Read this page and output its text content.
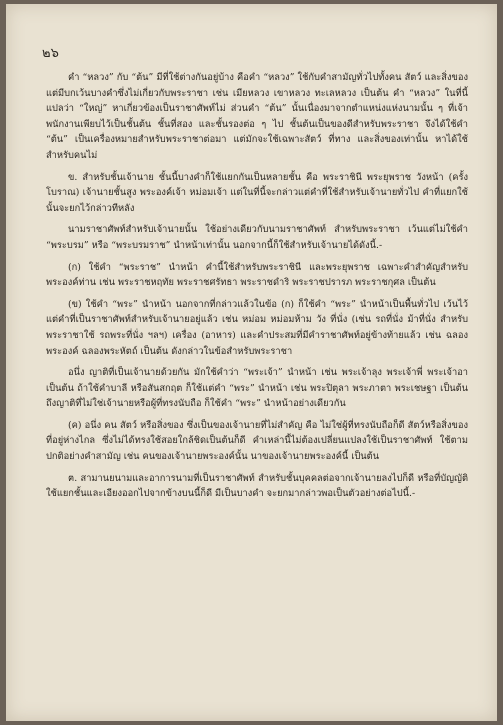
๒๖

คำ “หลวง” กับ “ต้น” มีที่ใช้ต่างกันอยู่บ้าง คือคำ “หลวง” ใช้กับคำสามัญทั่วไปทั้งคน สัตว์ และสิ่งของ แต่มีบกเว้นบางคำซึ่งไม่เกี่ยวกับพระราชา เช่น เมียหลวง เขาหลวง ทะเลหลวง เป็นต้น คำ “หลวง” ในที่นี้แปลว่า “ใหญ่” หาเกี่ยวข้องเป็นราชาศัพท์ไม่ ส่วนคำ “ต้น” นั้นเนื่องมาจากตำแหน่งแห่งนามนั้น ๆ ที่เจ้าพนักงานเพียบไว้เป็นชั้นต้น ชั้นที่สอง และชั้นรองต่อ ๆ ไป ชั้นต้นเป็นของดีสำหรับพระราชา จึงได้ใช้คำ “ต้น” เป็นเครื่องหมายสำหรับพระราชาต่อมา แต่มักจะใช้เฉพาะสัตว์ ที่ทาง และสิ่งของเท่านั้น หาได้ใช้สำหรับคนไม่

ข. สำหรับชั้นเจ้านาย ชั้นนี้บางคำก็ใช้แยกกันเป็นหลายชั้น คือ พระราชินี พระยุพราช วังหน้า (ครั้งโบราณ) เจ้านายชั้นสูง พระองค์เจ้า หม่อมเจ้า แต่ในที่นี้จะกล่าวแต่คำที่ใช้สำหรับเจ้านายทั่วไป คำที่แยกใช้นั้นจะยกไว้กล่าวทีหลัง

นามราชาศัพท์สำหรับเจ้านายนั้น ใช้อย่างเดียวกับนามราชาศัพท์ สำหรับพระราชา เว้นแต่ไม่ใช้คำ “พระบรม” หรือ “พระบรมราช” นำหน้าเท่านั้น นอกจากนี้ก็ใช้สำหรับเจ้านายได้ดังนี้.-

(ก) ใช้คำ “พระราช” นำหน้า คำนี้ใช้สำหรับพระราชินี และพระยุพราช เฉพาะคำสำคัญสำหรับพระองค์ท่าน เช่น พระราชหฤทัย พระราชศรัทธา พระราชดำริ พระราชปรารภ พระราชกุศล เป็นต้น

(ข) ใช้คำ “พระ” นำหน้า นอกจากที่กล่าวแล้วในข้อ (ก) ก็ใช้คำ “พระ” นำหน้าเป็นพื้นทั่วไป เว้นไว้แต่คำที่เป็นราชาศัพท์สำหรับเจ้านายอยู่แล้ว เช่น หม่อม หม่อมห้าม วัง ที่นั่ง (เช่น รถที่นั่ง ม้าที่นั่ง สำหรับพระราชาใช้ รถพระที่นั่ง ฯลฯ) เครื่อง (อาหาร) และคำประสมที่มีคำราชาศัพท์อยู่ข้างท้ายแล้ว เช่น ฉลองพระองค์ ฉลองพระหัตถ์ เป็นต้น ดังกล่าวในข้อสำหรับพระราชา

อนึ่ง ญาติที่เป็นเจ้านายด้วยกัน มักใช้คำว่า “พระเจ้า” นำหน้า เช่น พระเจ้าลุง พระเจ้าพี่ พระเจ้าอา เป็นต้น ถ้าใช้คำบาลี หรือสันสกฤต ก็ใช้แต่คำ “พระ” นำหน้า เช่น พระปิตุลา พระภาตา พระเชษฐา เป็นต้น ถึงญาติที่ไม่ใช่เจ้านายหรือผู้ที่ทรงนับถือ ก็ใช้คำ “พระ” นำหน้าอย่างเดียวกัน

(ค) อนึ่ง คน สัตว์ หรือสิ่งของ ซึ่งเป็นของเจ้านายที่ไม่สำคัญ คือ ไม่ใช่ผู้ที่ทรงนับถือก็ดี สัตว์หรือสิ่งของที่อยู่ห่างไกล ซึ่งไม่ได้ทรงใช้สอยใกล้ชิดเป็นต้นก็ดี คำเหล่านี้ไม่ต้องเปลี่ยนแปลงใช้เป็นราชาศัพท์ ใช้ตามปกติอย่างคำสามัญ เช่น คนของเจ้านายพระองค์นั้น นาของเจ้านายพระองค์นี้ เป็นต้น

ฅ. สามานยนามและอาการนามที่เป็นราชาศัพท์ สำหรับชั้นบุคคลต่อจากเจ้านายลงไปก็ดี หรือที่บัญญัติใช้แยกชั้นและเอียงออกไปจากข้างบนนี้ก็ดี มีเป็นบางคำ จะยกมากล่าวพอเป็นตัวอย่างต่อไปนี้.-
